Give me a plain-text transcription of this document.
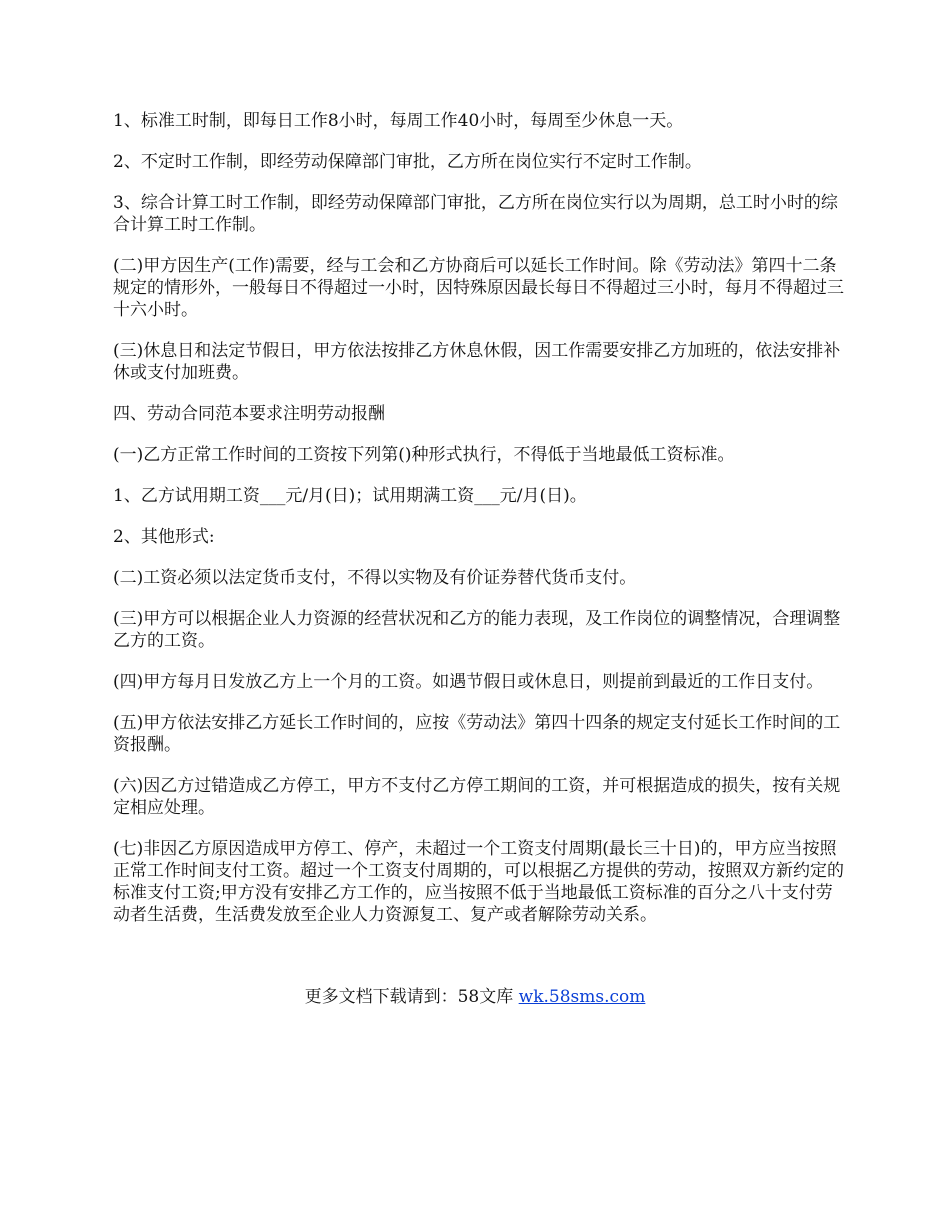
1、标准工时制，即每日工作8小时，每周工作40小时，每周至少休息一天。

2、不定时工作制，即经劳动保障部门审批，乙方所在岗位实行不定时工作制。

3、综合计算工时工作制，即经劳动保障部门审批，乙方所在岗位实行以为周期，总工时小时的综合计算工时工作制。

(二)甲方因生产(工作)需要，经与工会和乙方协商后可以延长工作时间。除《劳动法》第四十二条规定的情形外，一般每日不得超过一小时，因特殊原因最长每日不得超过三小时，每月不得超过三十六小时。

(三)休息日和法定节假日，甲方依法按排乙方休息休假，因工作需要安排乙方加班的，依法安排补休或支付加班费。

四、劳动合同范本要求注明劳动报酬

(一)乙方正常工作时间的工资按下列第()种形式执行，不得低于当地最低工资标准。

1、乙方试用期工资___元/月(日)；试用期满工资___元/月(日)。

2、其他形式:

(二)工资必须以法定货币支付，不得以实物及有价证券替代货币支付。

(三)甲方可以根据企业人力资源的经营状况和乙方的能力表现，及工作岗位的调整情况，合理调整乙方的工资。

(四)甲方每月日发放乙方上一个月的工资。如遇节假日或休息日，则提前到最近的工作日支付。

(五)甲方依法安排乙方延长工作时间的，应按《劳动法》第四十四条的规定支付延长工作时间的工资报酬。

(六)因乙方过错造成乙方停工，甲方不支付乙方停工期间的工资，并可根据造成的损失，按有关规定相应处理。

(七)非因乙方原因造成甲方停工、停产，未超过一个工资支付周期(最长三十日)的，甲方应当按照正常工作时间支付工资。超过一个工资支付周期的，可以根据乙方提供的劳动，按照双方新约定的标准支付工资;甲方没有安排乙方工作的，应当按照不低于当地最低工资标准的百分之八十支付劳动者生活费，生活费发放至企业人力资源复工、复产或者解除劳动关系。

更多文档下载请到：58文库 wk.58sms.com
